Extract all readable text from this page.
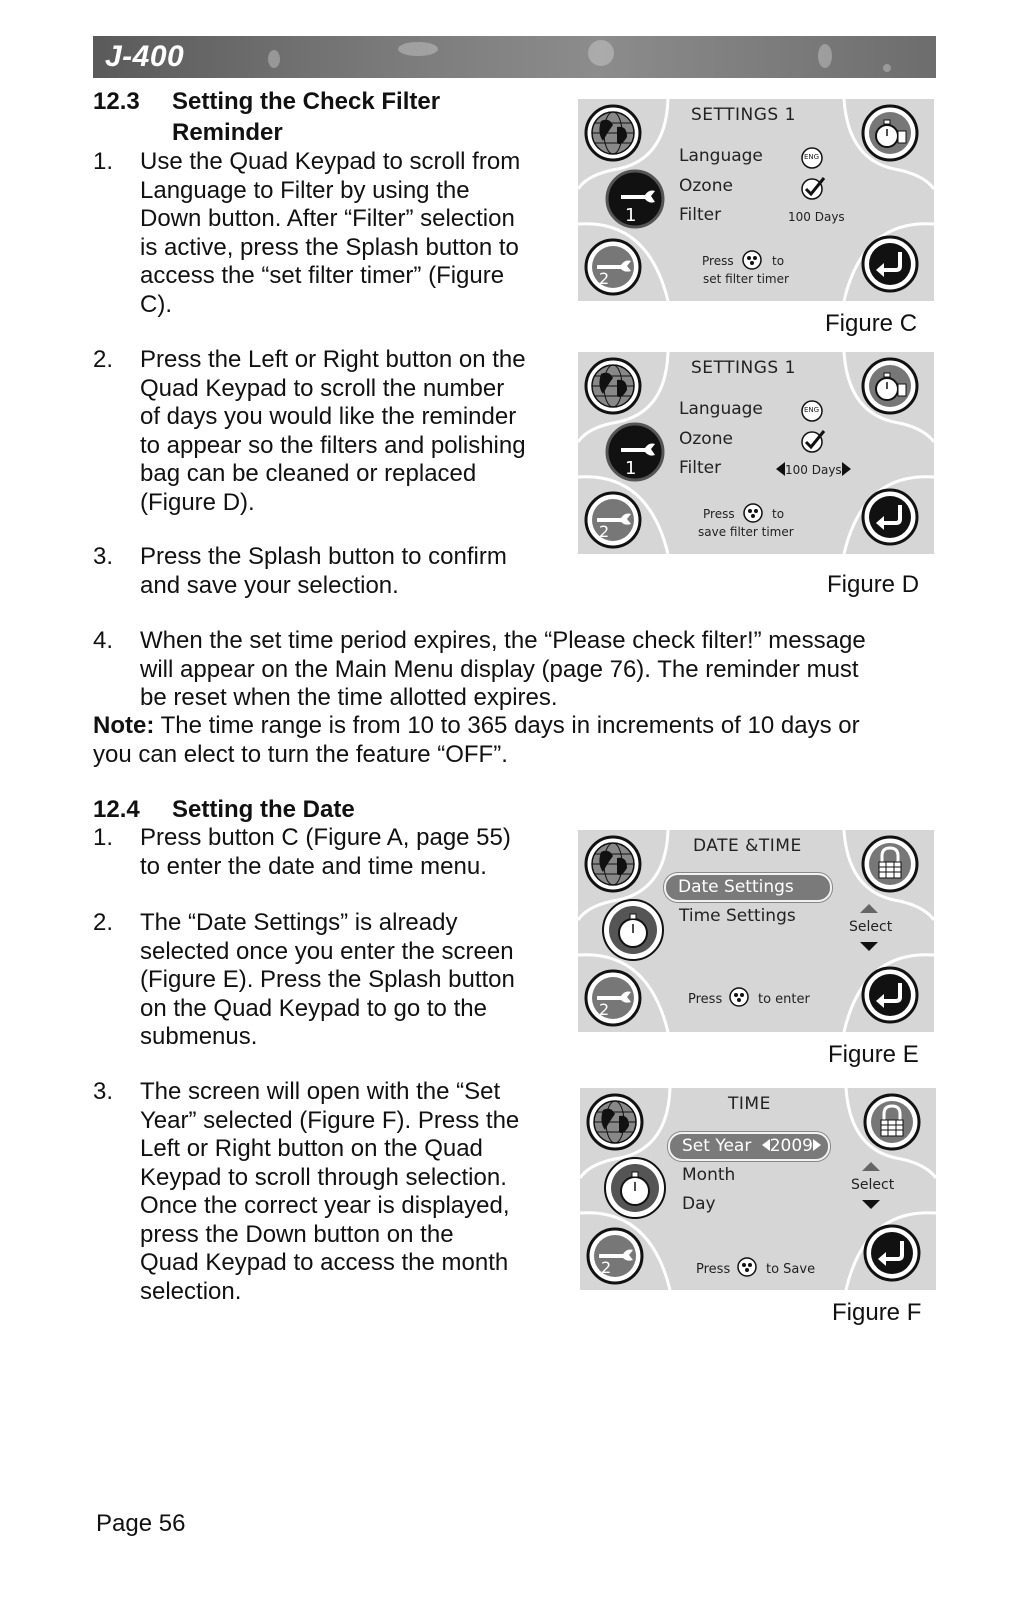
J-400
12.3 Setting the Check Filter
Reminder
1. Use the Quad Keypad to scroll from
Language to Filter by using the
Down button. After “Filter” selection
is active, press the Splash button to
access the “set filter timer” (Figure
C).
2. Press the Left or Right button on the
Quad Keypad to scroll the number
of days you would like the reminder
to appear so the filters and polishing
bag can be cleaned or replaced
(Figure D).
3. Press the Splash button to confirm
and save your selection.
4. When the set time period expires, the “Please check filter!” message
will appear on the Main Menu display (page 76). The reminder must
be reset when the time allotted expires.
Note: The time range is from 10 to 365 days in increments of 10 days or
you can elect to turn the feature “OFF”.
12.4 Setting the Date
1. Press button C (Figure A, page 55)
to enter the date and time menu.
2. The “Date Settings” is already
selected once you enter the screen
(Figure E). Press the Splash button
on the Quad Keypad to go to the
submenus.
3. The screen will open with the “Set
Year” selected (Figure F). Press the
Left or Right button on the Quad
Keypad to scroll through selection.
Once the correct year is displayed,
press the Down button on the
Quad Keypad to access the month
selection.
1
2
SETTINGS 1
Language
Ozone
Filter
ENG
100 Days
Press	to
set filter timer
Figure C
1
2
SETTINGS 1
Language
Ozone
Filter
ENG
100 Days
Press	to
save filter timer
Figure D
2
DATE &TIME
Date Settings
Time Settings
Select
Press	to enter
Figure E
2
TIME
Set Year 2009
Month
Day
Select
Press	to Save
Figure F
Page 56
